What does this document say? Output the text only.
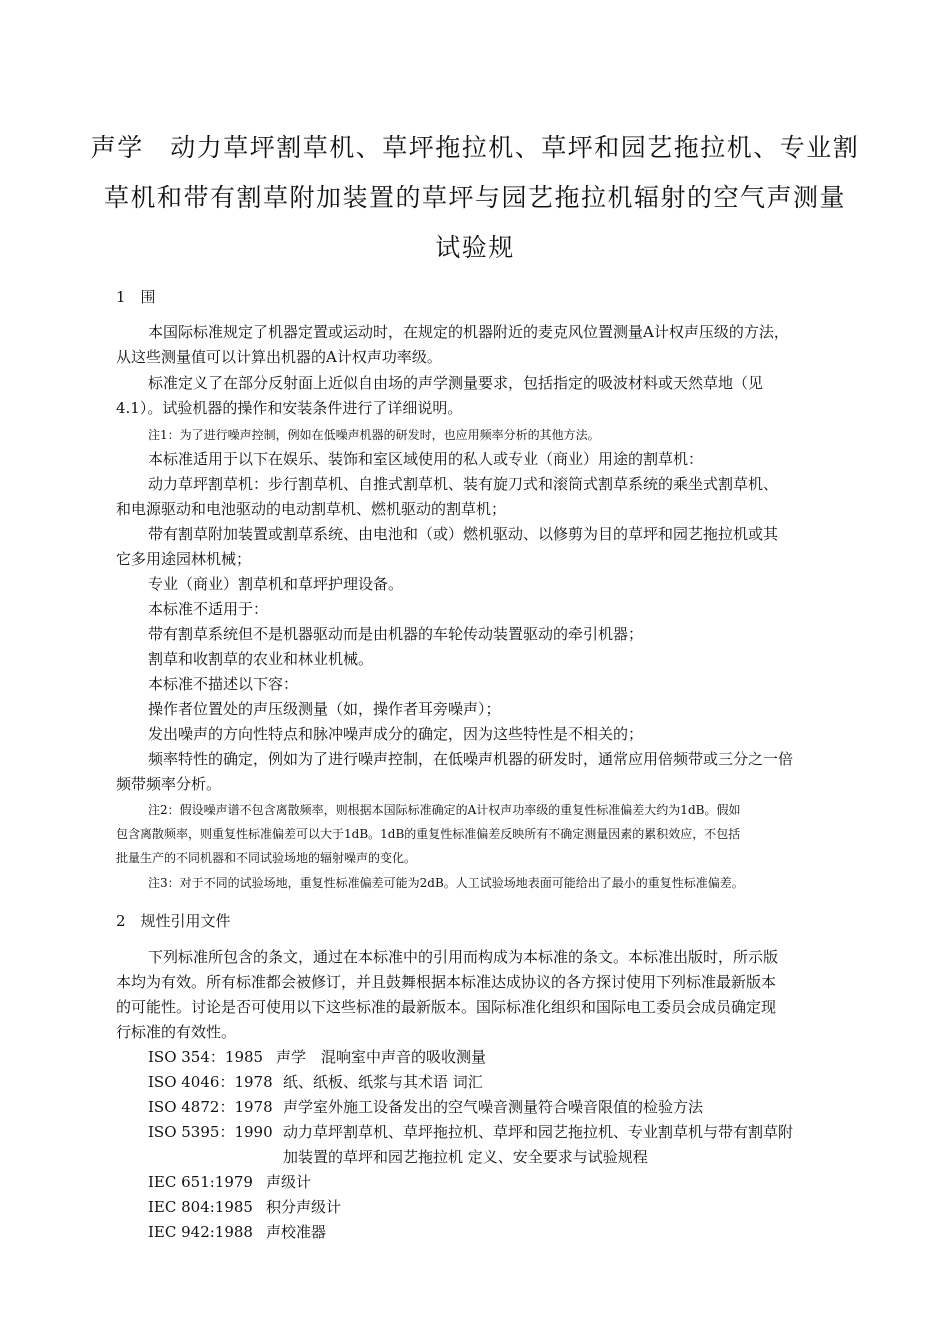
声学　动力草坪割草机、草坪拖拉机、草坪和园艺拖拉机、专业割
草机和带有割草附加装置的草坪与园艺拖拉机辐射的空气声测量
试验规
1　围
本国际标准规定了机器定置或运动时，在规定的机器附近的麦克风位置测量A计权声压级的方法，
从这些测量值可以计算出机器的A计权声功率级。
标准定义了在部分反射面上近似自由场的声学测量要求，包括指定的吸波材料或天然草地（见
4.1）。试验机器的操作和安装条件进行了详细说明。
注1：为了进行噪声控制，例如在低噪声机器的研发时，也应用频率分析的其他方法。
本标准适用于以下在娱乐、装饰和室区域使用的私人或专业（商业）用途的割草机：
动力草坪割草机：步行割草机、自推式割草机、装有旋刀式和滚筒式割草系统的乘坐式割草机、
和电源驱动和电池驱动的电动割草机、燃机驱动的割草机；
带有割草附加装置或割草系统、由电池和（或）燃机驱动、以修剪为目的草坪和园艺拖拉机或其
它多用途园林机械；
专业（商业）割草机和草坪护理设备。
本标准不适用于：
带有割草系统但不是机器驱动而是由机器的车轮传动装置驱动的牵引机器；
割草和收割草的农业和林业机械。
本标准不描述以下容：
操作者位置处的声压级测量（如，操作者耳旁噪声）；
发出噪声的方向性特点和脉冲噪声成分的确定，因为这些特性是不相关的；
频率特性的确定，例如为了进行噪声控制，在低噪声机器的研发时，通常应用倍频带或三分之一倍
频带频率分析。
注2：假设噪声谱不包含离散频率，则根据本国际标准确定的A计权声功率级的重复性标准偏差大约为1dB。假如
包含离散频率，则重复性标准偏差可以大于1dB。1dB的重复性标准偏差反映所有不确定测量因素的累积效应，不包括
批量生产的不同机器和不同试验场地的辐射噪声的变化。
注3：对于不同的试验场地，重复性标准偏差可能为2dB。人工试验场地表面可能给出了最小的重复性标准偏差。
2　规性引用文件
下列标准所包含的条文，通过在本标准中的引用而构成为本标准的条文。本标准出版时，所示版
本均为有效。所有标准都会被修订，并且鼓舞根据本标准达成协议的各方探讨使用下列标准最新版本
的可能性。讨论是否可使用以下这些标准的最新版本。国际标准化组织和国际电工委员会成员确定现
行标准的有效性。
ISO 354：1985 声学　混响室中声音的吸收测量
ISO 4046：1978 纸、纸板、纸浆与其术语 词汇
ISO 4872：1978 声学室外施工设备发出的空气噪音测量符合噪音限值的检验方法
ISO 5395：1990 动力草坪割草机、草坪拖拉机、草坪和园艺拖拉机、专业割草机与带有割草附
加装置的草坪和园艺拖拉机 定义、安全要求与试验规程
IEC 651:1979 声级计
IEC 804:1985 积分声级计
IEC 942:1988 声校准器
